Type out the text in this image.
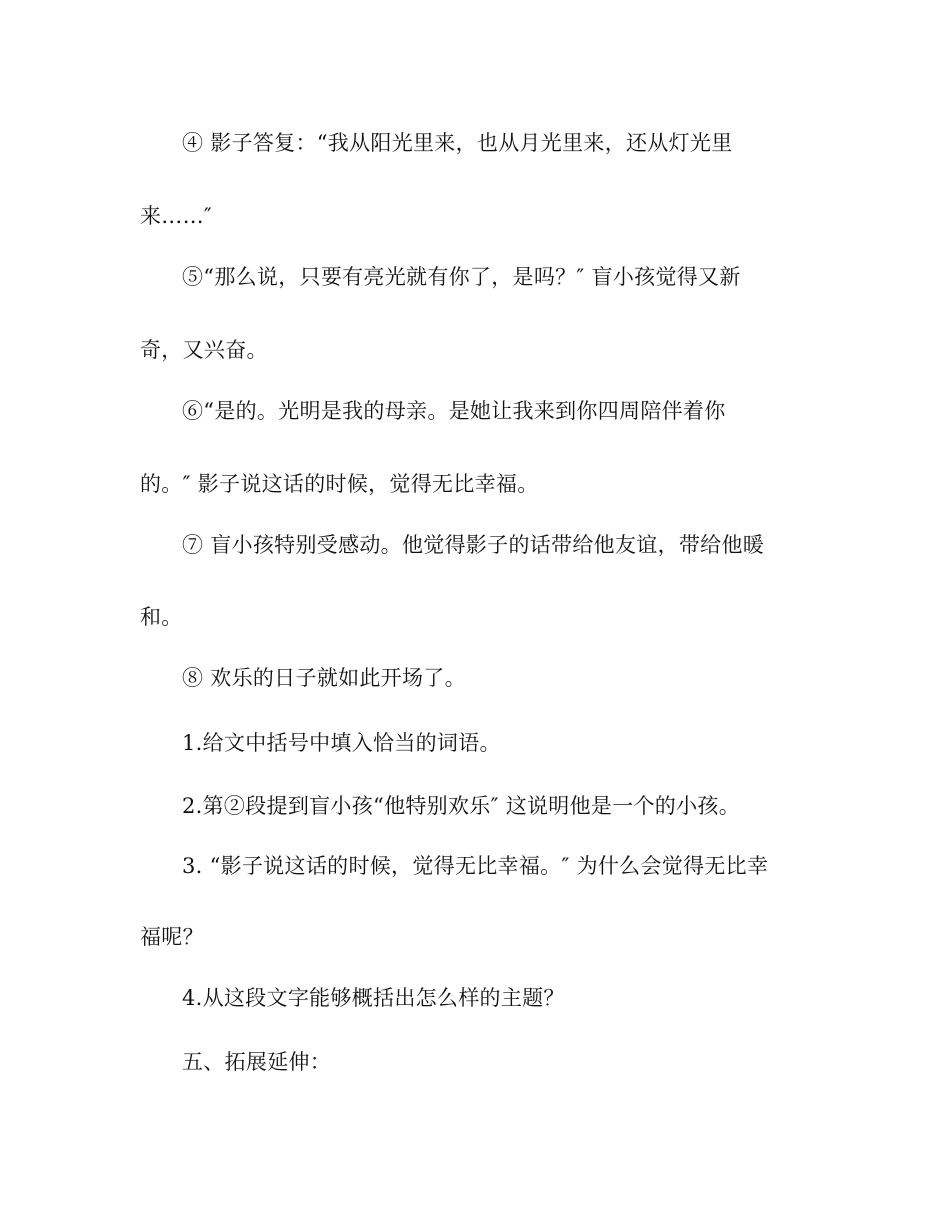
④ 影子答复：“我从阳光里来，也从月光里来，还从灯光里
来……″
⑤“那么说，只要有亮光就有你了，是吗？″ 盲小孩觉得又新
奇，又兴奋。
⑥“是的。光明是我的母亲。是她让我来到你四周陪伴着你
的。″ 影子说这话的时候，觉得无比幸福。
⑦ 盲小孩特别受感动。他觉得影子的话带给他友谊，带给他暖
和。
⑧ 欢乐的日子就如此开场了。
1.给文中括号中填入恰当的词语。
2.第②段提到盲小孩“他特别欢乐″ 这说明他是一个的小孩。
3. “影子说这话的时候，觉得无比幸福。″ 为什么会觉得无比幸
福呢？
4.从这段文字能够概括出怎么样的主题？
五、拓展延伸：
